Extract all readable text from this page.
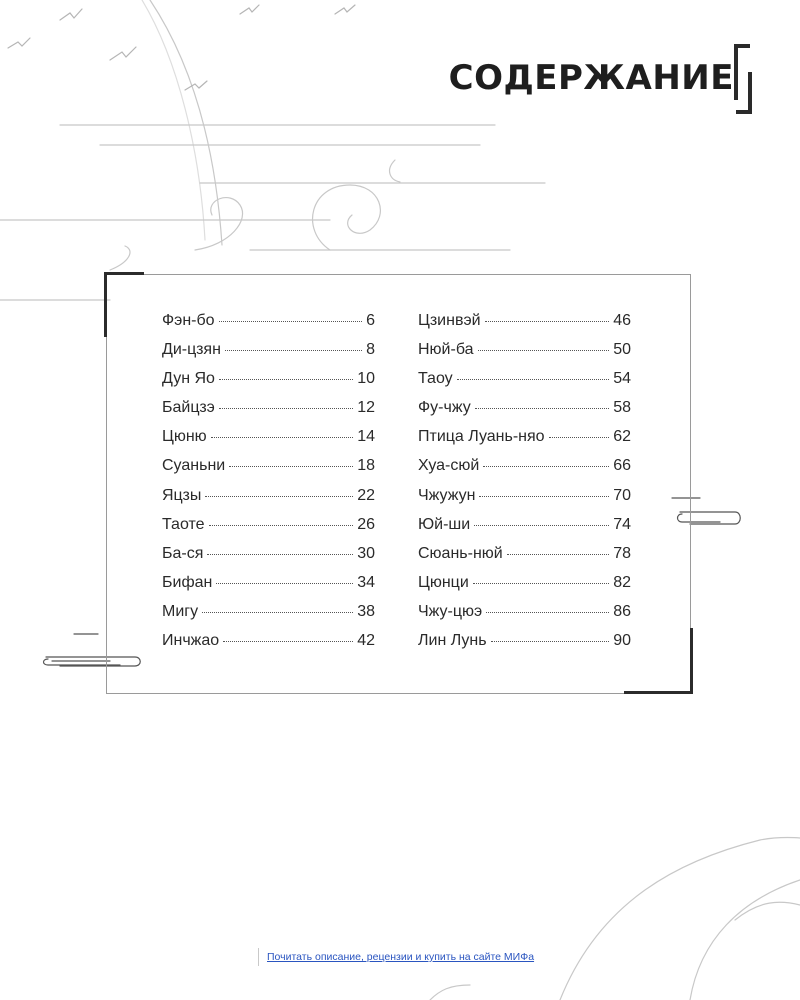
СОДЕРЖАНИЕ
Фэн-бо	6
Ди-цзян	8
Дун Яо	10
Байцзэ	12
Цюню	14
Суаньни	18
Яцзы	22
Таоте	26
Ба-ся	30
Бифан	34
Мигу	38
Инчжао	42
Цзинвэй	46
Нюй-ба	50
Таоу	54
Фу-чжу	58
Птица Луань-няо	62
Хуа-сюй	66
Чжужун	70
Юй-ши	74
Сюань-нюй	78
Цюнци	82
Чжу-цюэ	86
Лин Лунь	90
Почитать описание, рецензии и купить на сайте МИФа
